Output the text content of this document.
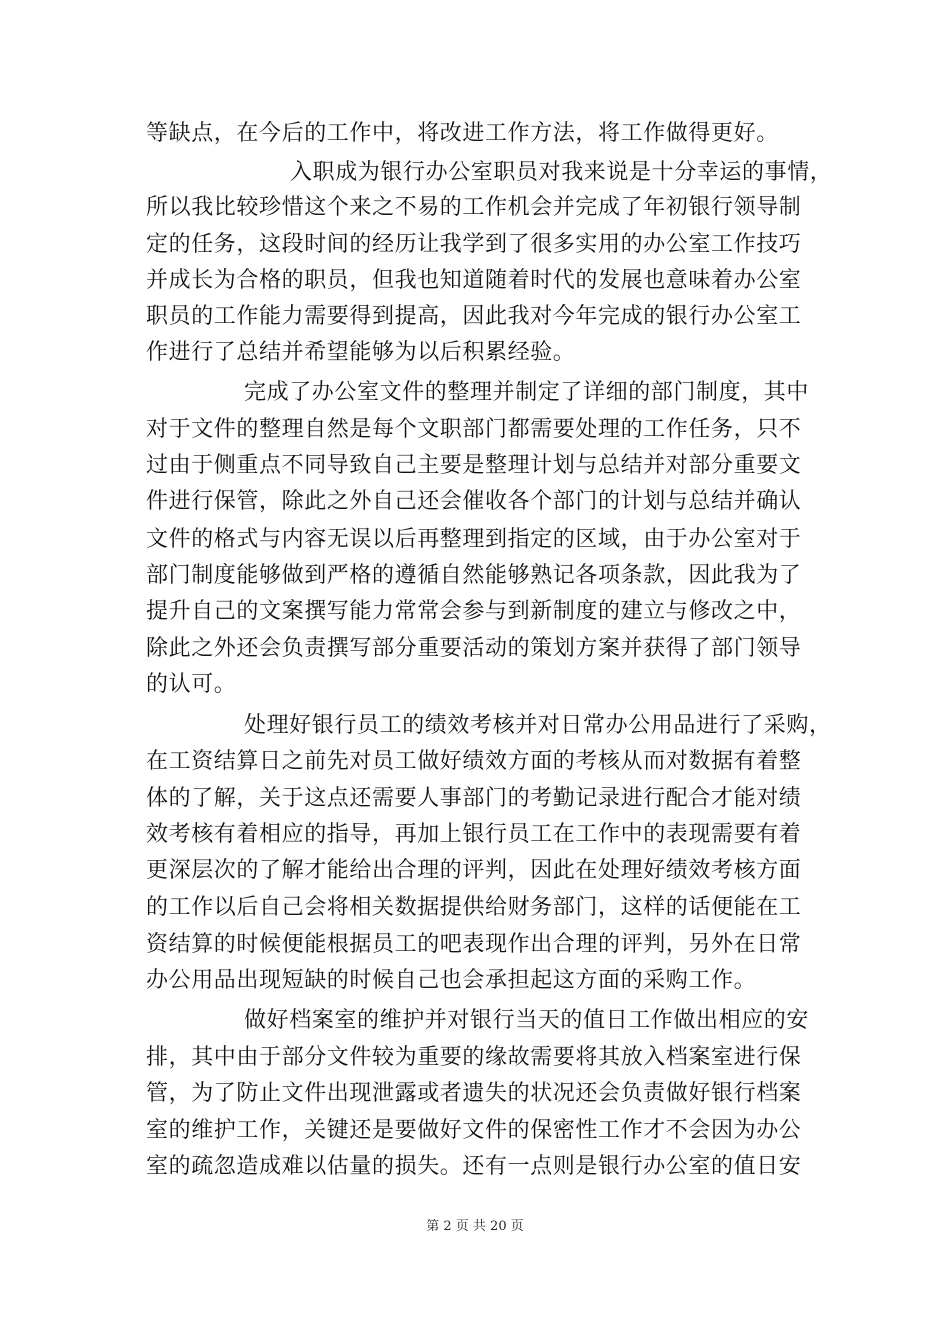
等缺点，在今后的工作中，将改进工作方法，将工作做得更好。
入职成为银行办公室职员对我来说是十分幸运的事情，
所以我比较珍惜这个来之不易的工作机会并完成了年初银行领导制
定的任务，这段时间的经历让我学到了很多实用的办公室工作技巧
并成长为合格的职员，但我也知道随着时代的发展也意味着办公室
职员的工作能力需要得到提高，因此我对今年完成的银行办公室工
作进行了总结并希望能够为以后积累经验。
完成了办公室文件的整理并制定了详细的部门制度，其中
对于文件的整理自然是每个文职部门都需要处理的工作任务，只不
过由于侧重点不同导致自己主要是整理计划与总结并对部分重要文
件进行保管，除此之外自己还会催收各个部门的计划与总结并确认
文件的格式与内容无误以后再整理到指定的区域，由于办公室对于
部门制度能够做到严格的遵循自然能够熟记各项条款，因此我为了
提升自己的文案撰写能力常常会参与到新制度的建立与修改之中，
除此之外还会负责撰写部分重要活动的策划方案并获得了部门领导
的认可。
处理好银行员工的绩效考核并对日常办公用品进行了采购，
在工资结算日之前先对员工做好绩效方面的考核从而对数据有着整
体的了解，关于这点还需要人事部门的考勤记录进行配合才能对绩
效考核有着相应的指导，再加上银行员工在工作中的表现需要有着
更深层次的了解才能给出合理的评判，因此在处理好绩效考核方面
的工作以后自己会将相关数据提供给财务部门，这样的话便能在工
资结算的时候便能根据员工的吧表现作出合理的评判，另外在日常
办公用品出现短缺的时候自己也会承担起这方面的采购工作。
做好档案室的维护并对银行当天的值日工作做出相应的安
排，其中由于部分文件较为重要的缘故需要将其放入档案室进行保
管，为了防止文件出现泄露或者遗失的状况还会负责做好银行档案
室的维护工作，关键还是要做好文件的保密性工作才不会因为办公
室的疏忽造成难以估量的损失。还有一点则是银行办公室的值日安
第 2 页 共 20 页
